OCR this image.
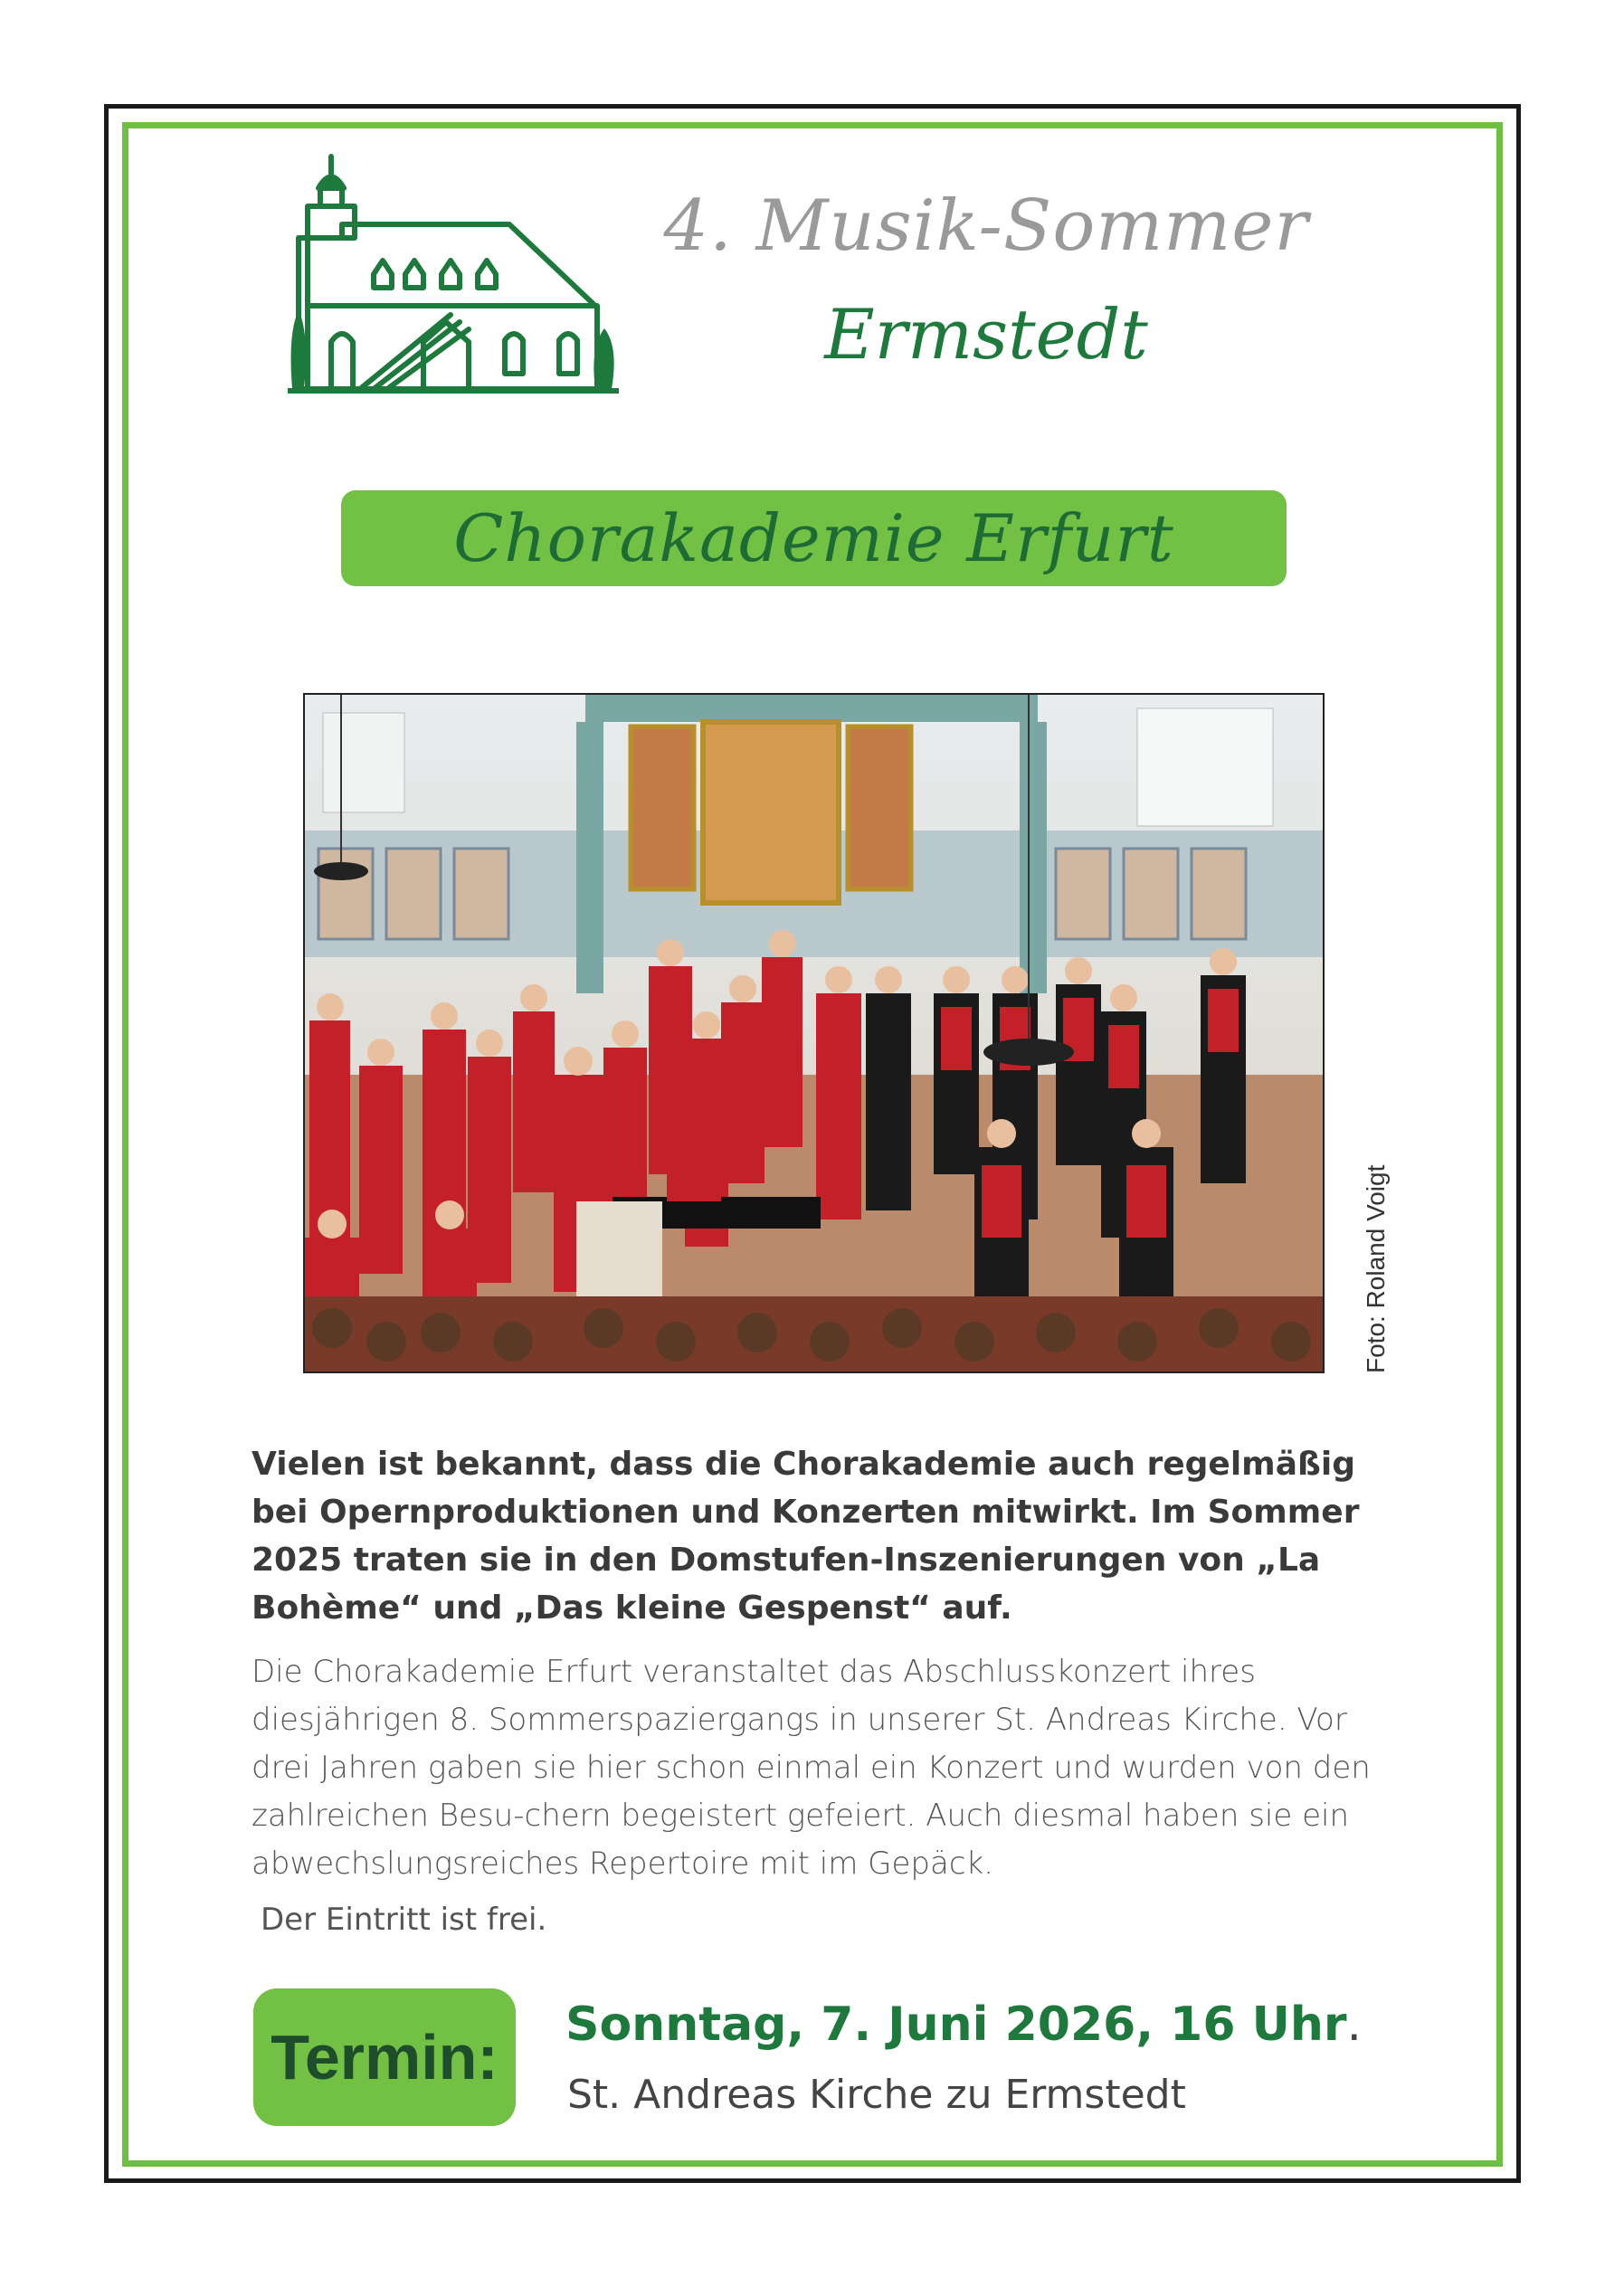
4. Musik-Sommer
Ermstedt
Chorakademie Erfurt
Foto: Roland Voigt
Vielen ist bekannt, dass die Chorakademie auch regelmäßig bei Opernproduktionen und Konzerten mitwirkt. Im Sommer 2025 traten sie in den Domstufen-Inszenierungen von „La Bohème“ und „Das kleine Gespenst“ auf.
Die Chorakademie Erfurt veranstaltet das Abschlusskonzert ihres diesjährigen 8. Sommerspaziergangs in unserer St. Andreas Kirche. Vor drei Jahren gaben sie hier schon einmal ein Konzert und wurden von den zahlreichen Besu-chern begeistert gefeiert. Auch diesmal haben sie ein abwechslungsreiches Repertoire mit im Gepäck.
Der Eintritt ist frei.
Termin: Sonntag, 7. Juni 2026, 16 Uhr.
St. Andreas Kirche zu Ermstedt
